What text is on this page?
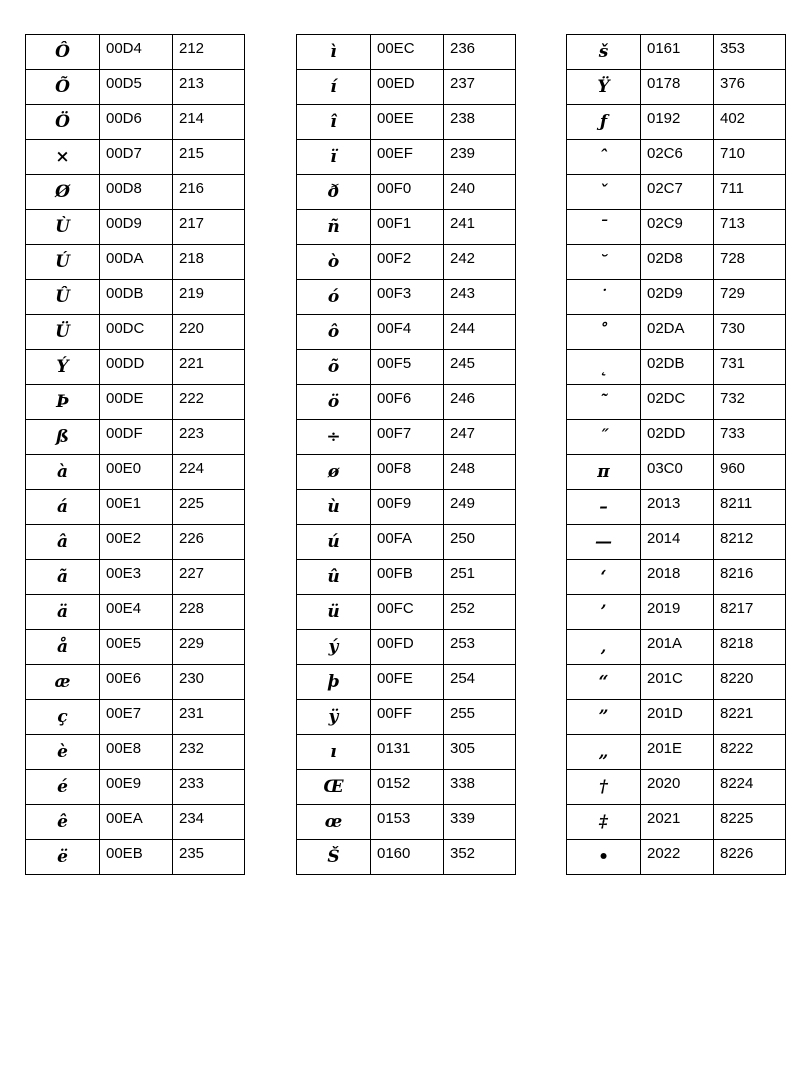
Ô	00D4	212
Õ	00D5	213
Ö	00D6	214
×	00D7	215
Ø	00D8	216
Ù	00D9	217
Ú	00DA	218
Û	00DB	219
Ü	00DC	220
Ý	00DD	221
Þ	00DE	222
ß	00DF	223
à	00E0	224
á	00E1	225
â	00E2	226
ã	00E3	227
ä	00E4	228
å	00E5	229
æ	00E6	230
ç	00E7	231
è	00E8	232
é	00E9	233
ê	00EA	234
ë	00EB	235
ì	00EC	236
í	00ED	237
î	00EE	238
ï	00EF	239
ð	00F0	240
ñ	00F1	241
ò	00F2	242
ó	00F3	243
ô	00F4	244
õ	00F5	245
ö	00F6	246
÷	00F7	247
ø	00F8	248
ù	00F9	249
ú	00FA	250
û	00FB	251
ü	00FC	252
ý	00FD	253
þ	00FE	254
ÿ	00FF	255
ı	0131	305
Œ	0152	338
œ	0153	339
Š	0160	352
š	0161	353
Ÿ	0178	376
ƒ	0192	402
ˆ	02C6	710
ˇ	02C7	711
ˉ	02C9	713
˘	02D8	728
˙	02D9	729
˚	02DA	730
˛	02DB	731
˜	02DC	732
˝	02DD	733
π	03C0	960
–	2013	8211
—	2014	8212
‘	2018	8216
’	2019	8217
‚	201A	8218
“	201C	8220
”	201D	8221
„	201E	8222
†	2020	8224
‡	2021	8225
•	2022	8226
